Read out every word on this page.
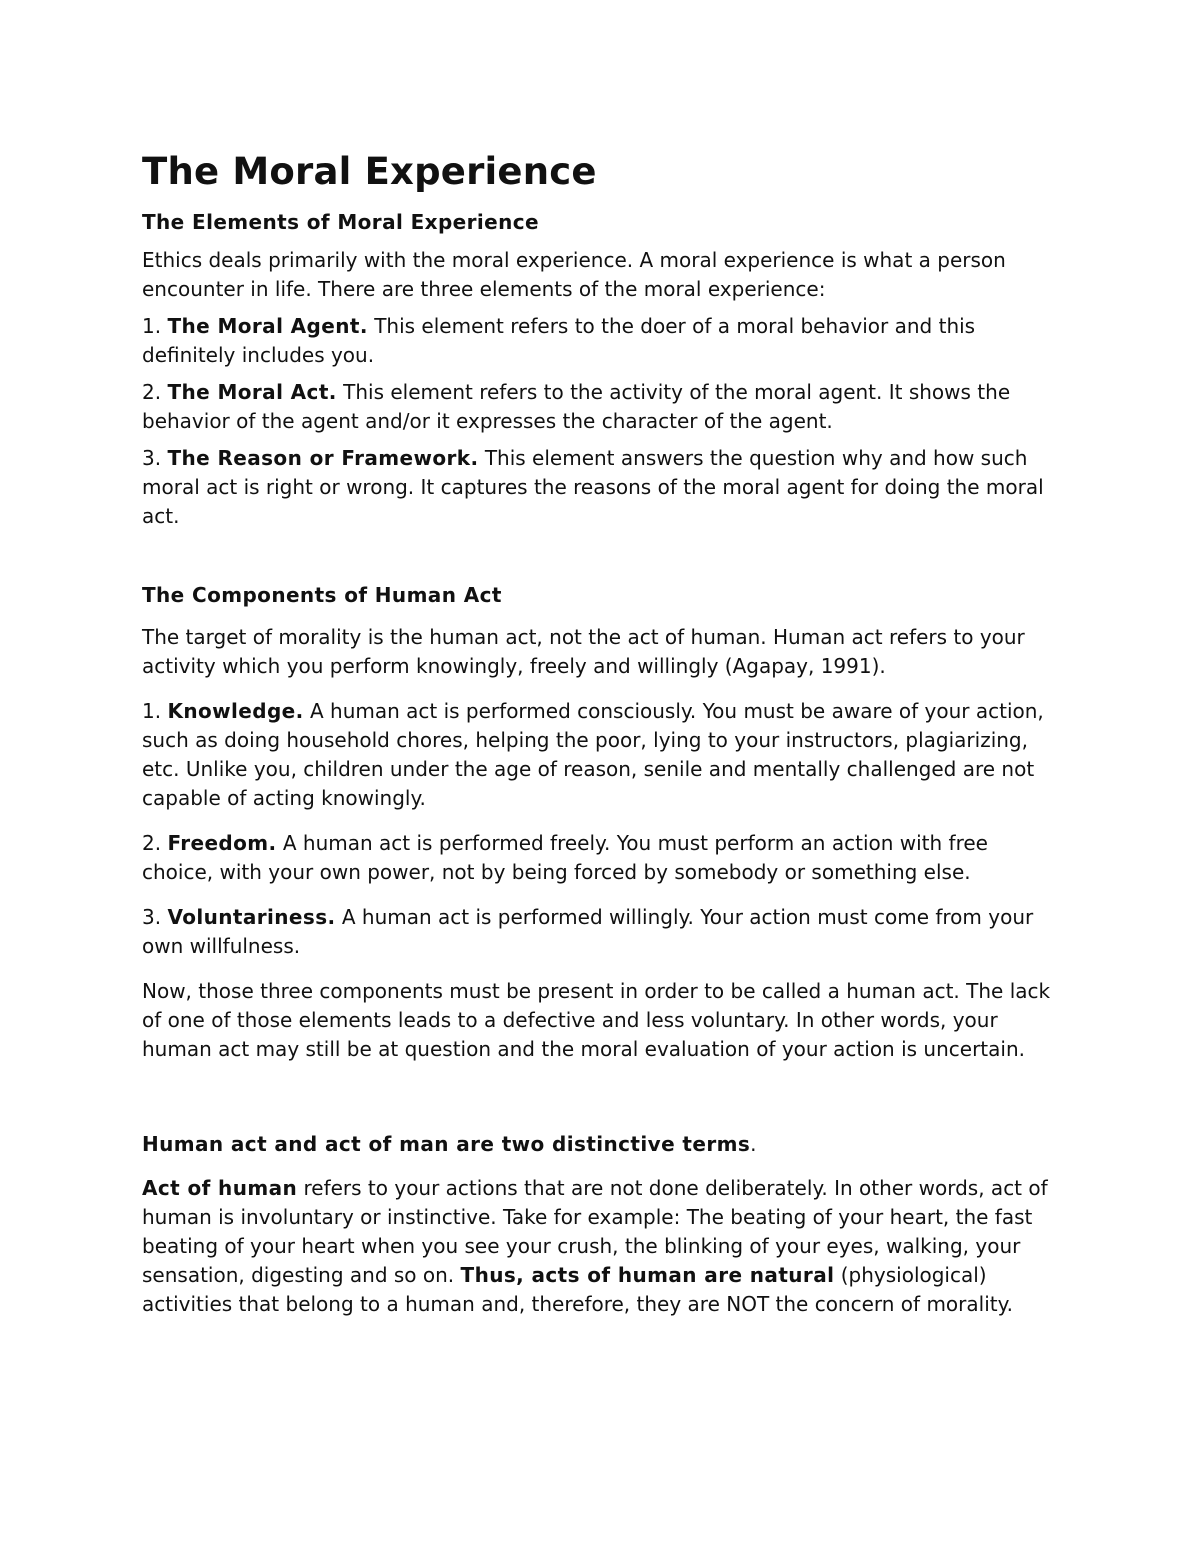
The Moral Experience
The Elements of Moral Experience

Ethics deals primarily with the moral experience. A moral experience is what a person encounter in life. There are three elements of the moral experience:

1. The Moral Agent. This element refers to the doer of a moral behavior and this definitely includes you.

2. The Moral Act. This element refers to the activity of the moral agent. It shows the behavior of the agent and/or it expresses the character of the agent.

3. The Reason or Framework. This element answers the question why and how such moral act is right or wrong. It captures the reasons of the moral agent for doing the moral act.

The Components of Human Act

The target of morality is the human act, not the act of human. Human act refers to your activity which you perform knowingly, freely and willingly (Agapay, 1991).

1. Knowledge. A human act is performed consciously. You must be aware of your action, such as doing household chores, helping the poor, lying to your instructors, plagiarizing, etc. Unlike you, children under the age of reason, senile and mentally challenged are not capable of acting knowingly.

2. Freedom. A human act is performed freely. You must perform an action with free choice, with your own power, not by being forced by somebody or something else.

3. Voluntariness. A human act is performed willingly. Your action must come from your own willfulness.

Now, those three components must be present in order to be called a human act. The lack of one of those elements leads to a defective and less voluntary. In other words, your human act may still be at question and the moral evaluation of your action is uncertain.

Human act and act of man are two distinctive terms.

Act of human refers to your actions that are not done deliberately. In other words, act of human is involuntary or instinctive. Take for example: The beating of your heart, the fast beating of your heart when you see your crush, the blinking of your eyes, walking, your sensation, digesting and so on. Thus, acts of human are natural (physiological) activities that belong to a human and, therefore, they are NOT the concern of morality.
